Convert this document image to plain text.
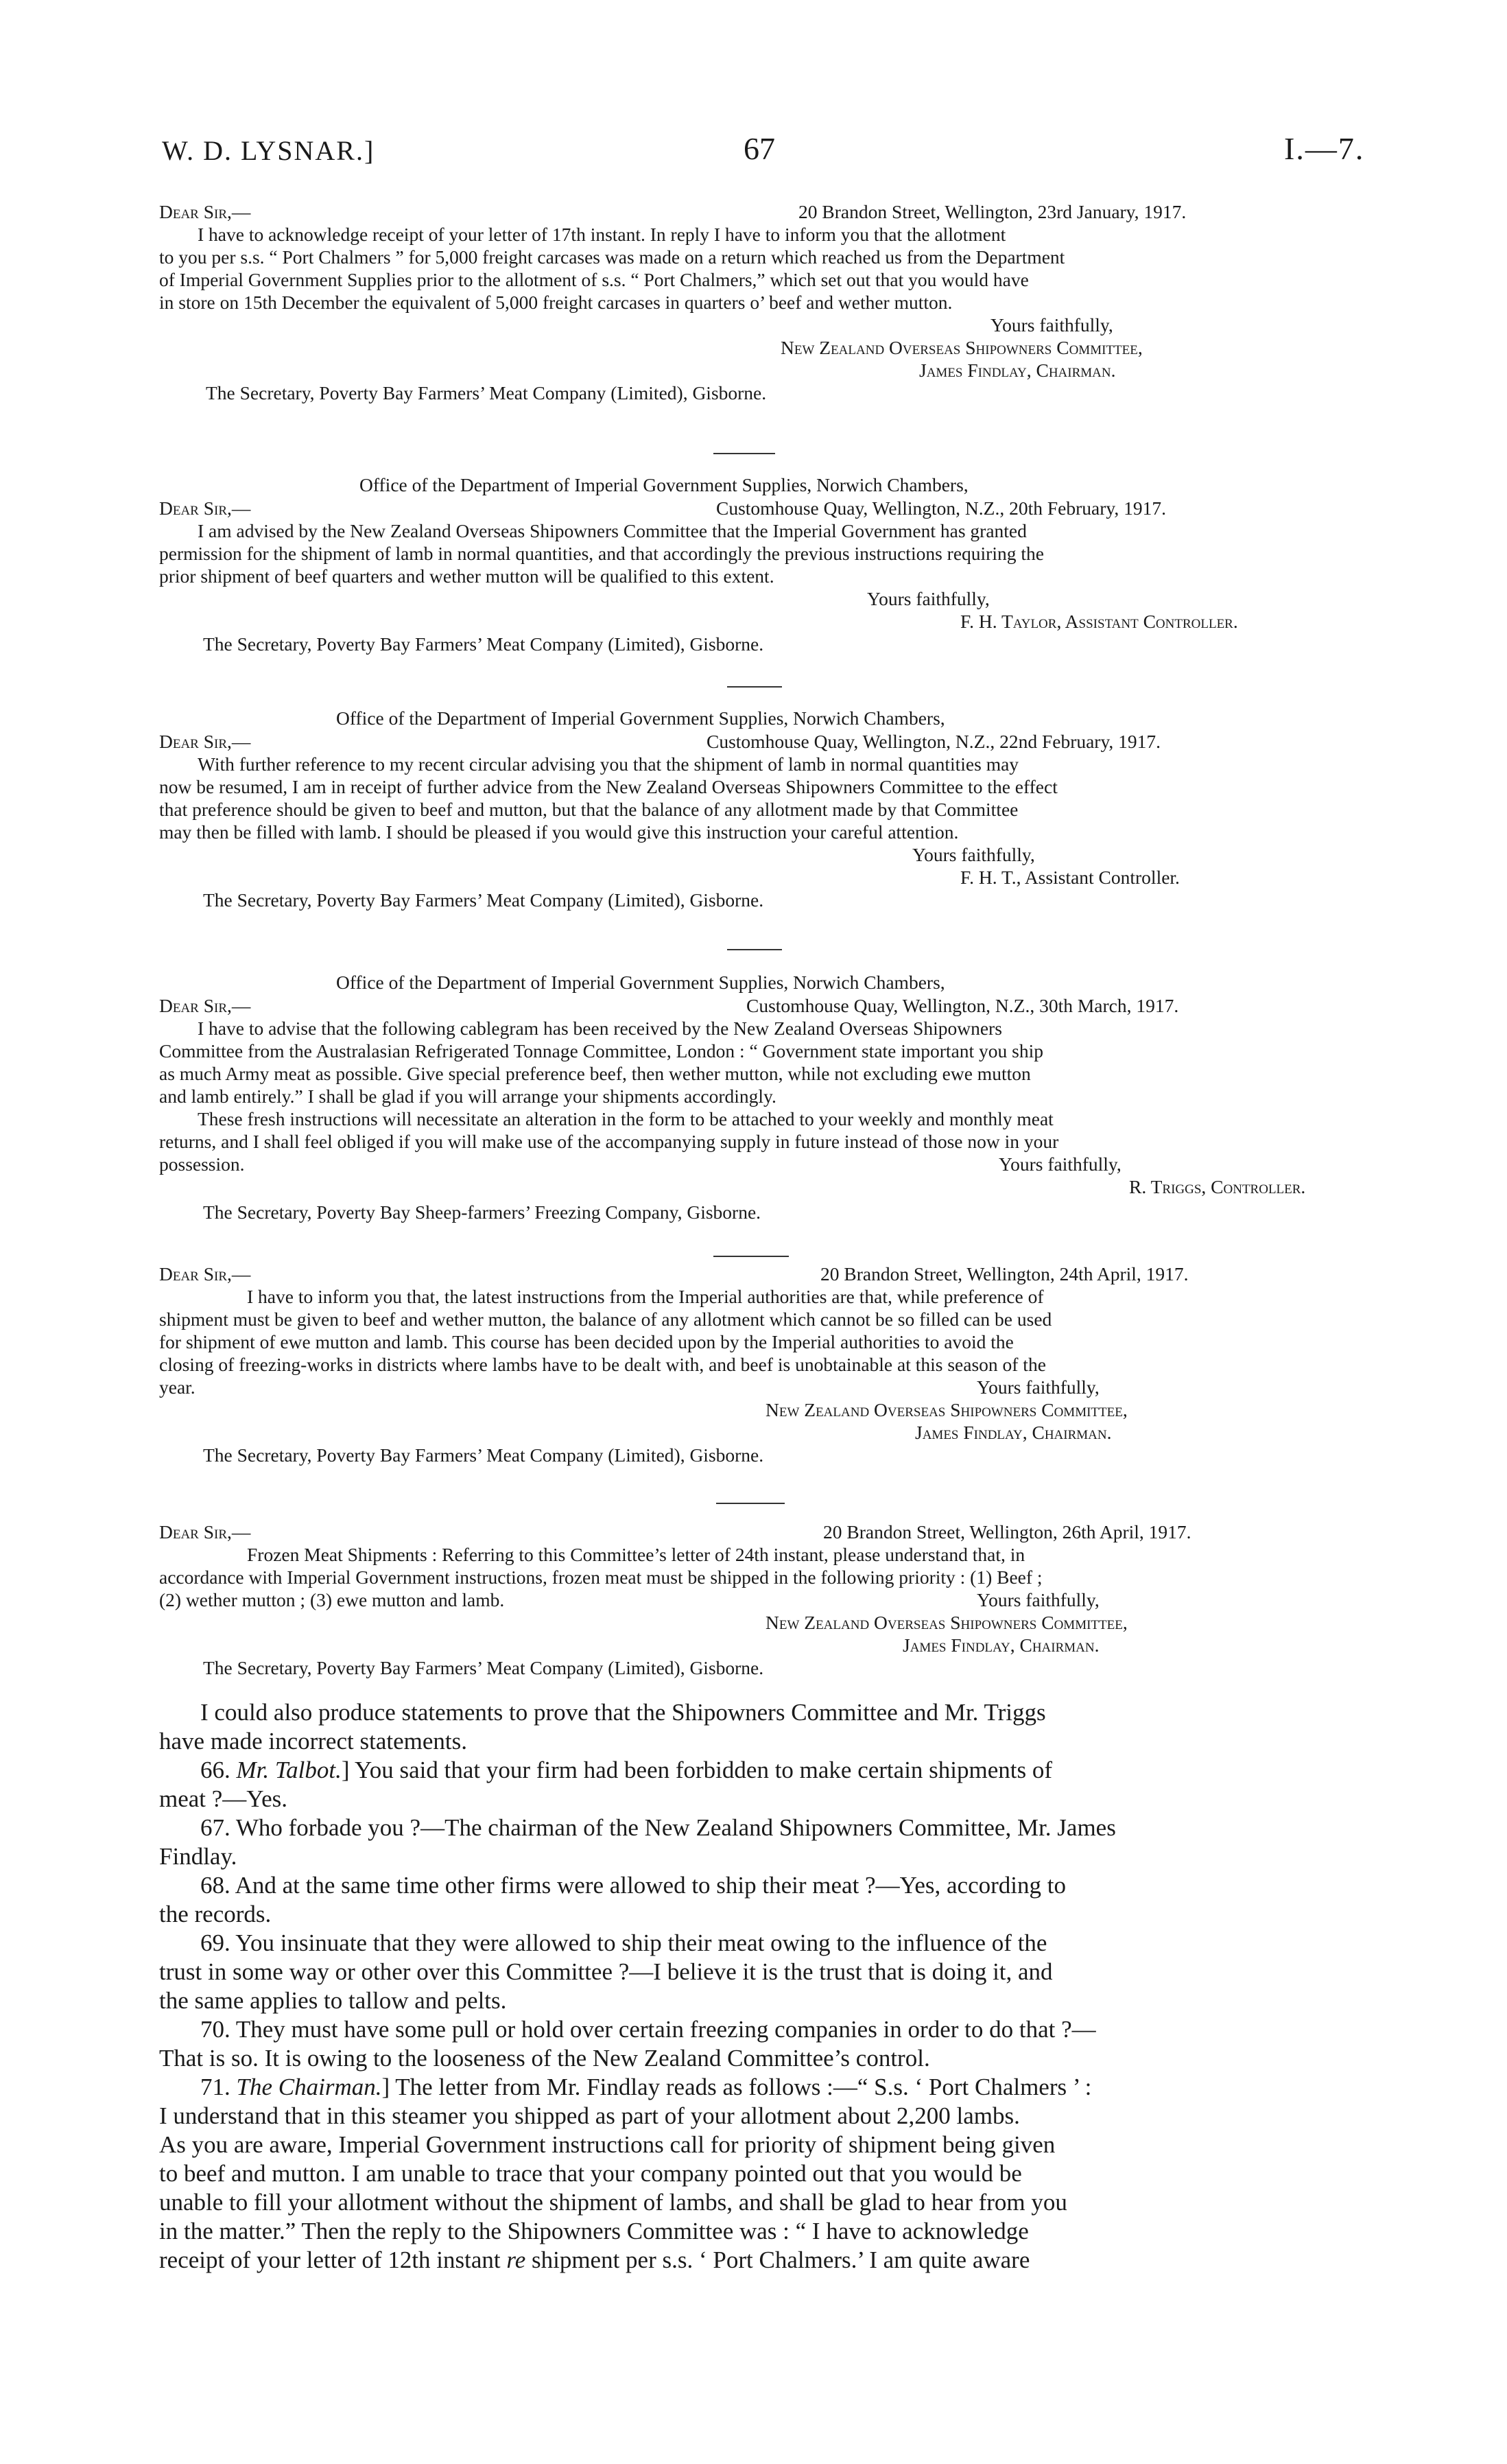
W. D. LYSNAR.]	67	I.—7.
Dear Sir,—	20 Brandon Street, Wellington, 23rd January, 1917.
I have to acknowledge receipt of your letter of 17th instant. In reply I have to inform you that the allotment
to you per s.s. “ Port Chalmers ” for 5,000 freight carcases was made on a return which reached us from the Department
of Imperial Government Supplies prior to the allotment of s.s. “ Port Chalmers,” which set out that you would have
in store on 15th December the equivalent of 5,000 freight carcases in quarters o’ beef and wether mutton.
Yours faithfully,
New Zealand Overseas Shipowners Committee,
James Findlay, Chairman.
The Secretary, Poverty Bay Farmers’ Meat Company (Limited), Gisborne.
Office of the Department of Imperial Government Supplies, Norwich Chambers,
Dear Sir,—	Customhouse Quay, Wellington, N.Z., 20th February, 1917.
I am advised by the New Zealand Overseas Shipowners Committee that the Imperial Government has granted
permission for the shipment of lamb in normal quantities, and that accordingly the previous instructions requiring the
prior shipment of beef quarters and wether mutton will be qualified to this extent.
Yours faithfully,
F. H. Taylor, Assistant Controller.
The Secretary, Poverty Bay Farmers’ Meat Company (Limited), Gisborne.
Office of the Department of Imperial Government Supplies, Norwich Chambers,
Dear Sir,—	Customhouse Quay, Wellington, N.Z., 22nd February, 1917.
With further reference to my recent circular advising you that the shipment of lamb in normal quantities may
now be resumed, I am in receipt of further advice from the New Zealand Overseas Shipowners Committee to the effect
that preference should be given to beef and mutton, but that the balance of any allotment made by that Committee
may then be filled with lamb. I should be pleased if you would give this instruction your careful attention.
Yours faithfully,
F. H. T., Assistant Controller.
The Secretary, Poverty Bay Farmers’ Meat Company (Limited), Gisborne.
Office of the Department of Imperial Government Supplies, Norwich Chambers,
Dear Sir,—	Customhouse Quay, Wellington, N.Z., 30th March, 1917.
I have to advise that the following cablegram has been received by the New Zealand Overseas Shipowners
Committee from the Australasian Refrigerated Tonnage Committee, London : “ Government state important you ship
as much Army meat as possible. Give special preference beef, then wether mutton, while not excluding ewe mutton
and lamb entirely.” I shall be glad if you will arrange your shipments accordingly.
These fresh instructions will necessitate an alteration in the form to be attached to your weekly and monthly meat
returns, and I shall feel obliged if you will make use of the accompanying supply in future instead of those now in your
possession.	Yours faithfully,
R. Triggs, Controller.
The Secretary, Poverty Bay Sheep-farmers’ Freezing Company, Gisborne.
Dear Sir,—	20 Brandon Street, Wellington, 24th April, 1917.
I have to inform you that, the latest instructions from the Imperial authorities are that, while preference of
shipment must be given to beef and wether mutton, the balance of any allotment which cannot be so filled can be used
for shipment of ewe mutton and lamb. This course has been decided upon by the Imperial authorities to avoid the
closing of freezing-works in districts where lambs have to be dealt with, and beef is unobtainable at this season of the
year.	Yours faithfully,
New Zealand Overseas Shipowners Committee,
James Findlay, Chairman.
The Secretary, Poverty Bay Farmers’ Meat Company (Limited), Gisborne.
Dear Sir,—	20 Brandon Street, Wellington, 26th April, 1917.
Frozen Meat Shipments : Referring to this Committee’s letter of 24th instant, please understand that, in
accordance with Imperial Government instructions, frozen meat must be shipped in the following priority : (1) Beef ;
(2) wether mutton ; (3) ewe mutton and lamb.	Yours faithfully,
New Zealand Overseas Shipowners Committee,
James Findlay, Chairman.
The Secretary, Poverty Bay Farmers’ Meat Company (Limited), Gisborne.
I could also produce statements to prove that the Shipowners Committee and Mr. Triggs
have made incorrect statements.
66. Mr. Talbot.] You said that your firm had been forbidden to make certain shipments of
meat ?—Yes.
67. Who forbade you ?—The chairman of the New Zealand Shipowners Committee, Mr. James
Findlay.
68. And at the same time other firms were allowed to ship their meat ?—Yes, according to
the records.
69. You insinuate that they were allowed to ship their meat owing to the influence of the
trust in some way or other over this Committee ?—I believe it is the trust that is doing it, and
the same applies to tallow and pelts.
70. They must have some pull or hold over certain freezing companies in order to do that ?—
That is so. It is owing to the looseness of the New Zealand Committee’s control.
71. The Chairman.] The letter from Mr. Findlay reads as follows :—“ S.s. ‘ Port Chalmers ’ :
I understand that in this steamer you shipped as part of your allotment about 2,200 lambs.
As you are aware, Imperial Government instructions call for priority of shipment being given
to beef and mutton. I am unable to trace that your company pointed out that you would be
unable to fill your allotment without the shipment of lambs, and shall be glad to hear from you
in the matter.” Then the reply to the Shipowners Committee was : “ I have to acknowledge
receipt of your letter of 12th instant re shipment per s.s. ‘ Port Chalmers.’ I am quite aware
